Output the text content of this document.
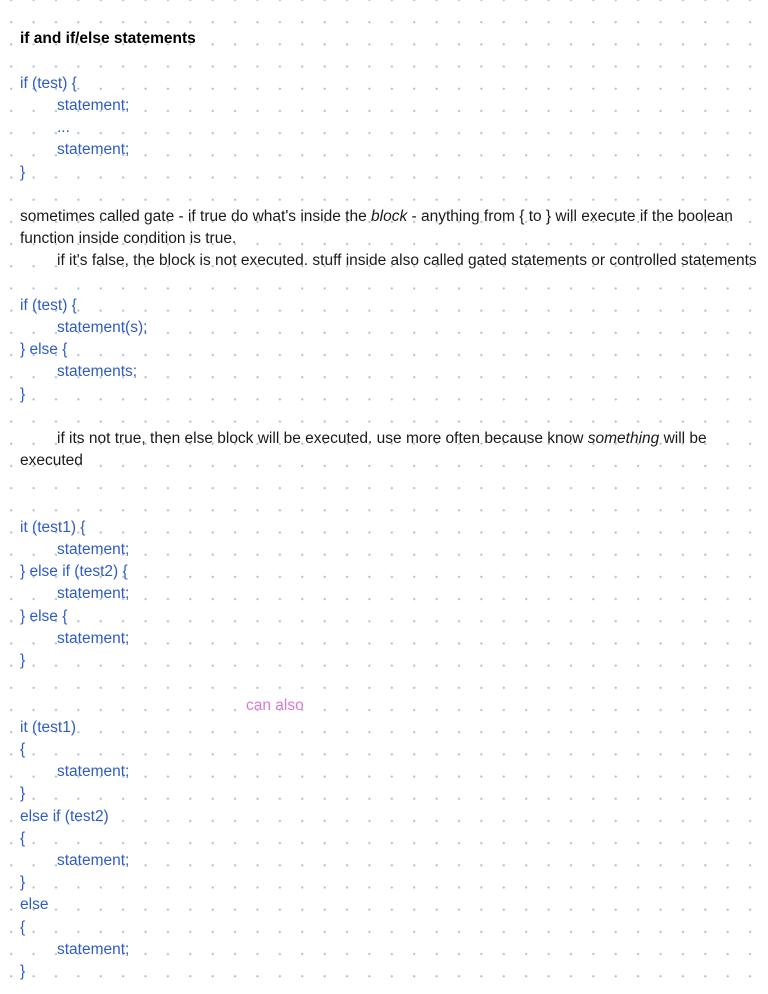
if and if/else statements
if (test) {
statement;
...
statement;
}
sometimes called gate - if true do what's inside the block - anything from { to } will execute if the boolean
function inside condition is true.
if it's false, the block is not executed. stuff inside also called gated statements or controlled statements
if (test) {
statement(s);
} else {
statements;
}
if its not true, then else block will be executed. use more often because know something will be
executed
it (test1) {
statement;
} else if (test2) {
statement;
} else {
statement;
}
can also
it (test1)
{
statement;
}
else if (test2)
{
statement;
}
else
{
statement;
}
